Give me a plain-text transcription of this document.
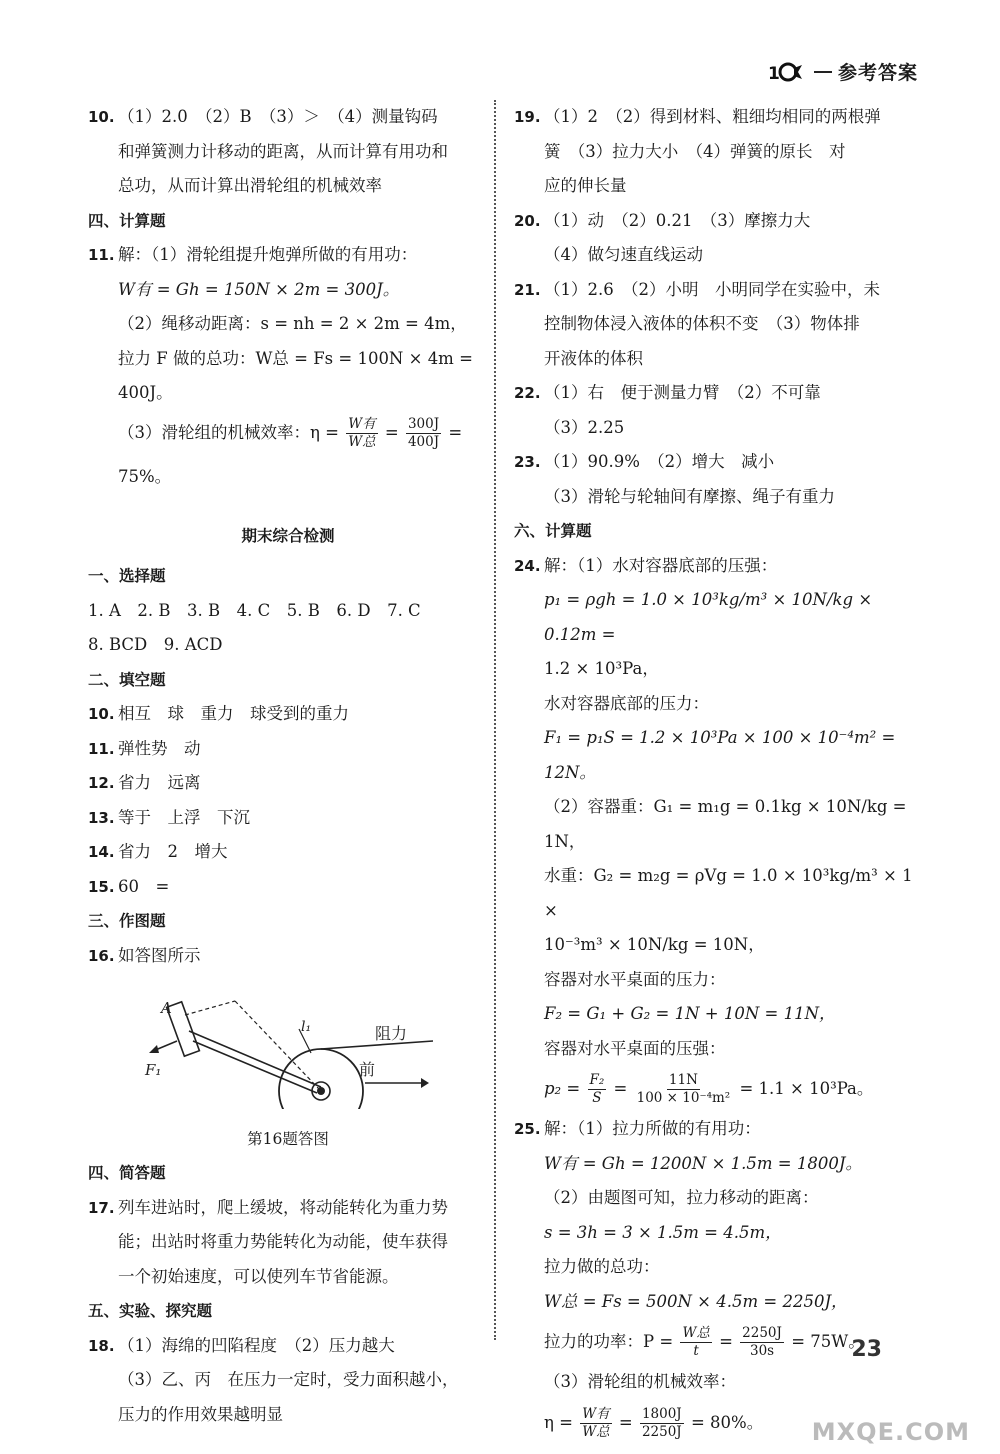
1	参考答案
10. （1）2.0　（2）B　（3）＞　（4）测量钩码
和弹簧测力计移动的距离，从而计算有用功和
总功，从而计算出滑轮组的机械效率
四、计算题
11. 解：（1）滑轮组提升炮弹所做的有用功：
W有 = Gh = 150N × 2m = 300J。
（2）绳移动距离：s = nh = 2 × 2m = 4m，
拉力 F 做的总功：W总 = Fs = 100N × 4m = 400J。
（3）滑轮组的机械效率：$\eta = \frac{\text{W有}}{\text{W总}} = \frac{300J}{400J} = 75\%$。
期末综合检测
一、选择题
1. A　2. B　3. B　4. C　5. B　6. D　7. C
8. BCD　9. ACD
二、填空题
10. 相互　球　重力　球受到的重力
11. 弹性势　动
12. 省力　远离
13. 等于　上浮　下沉
14. 省力　2　增大
15. 60　=
三、作图题
16. 如答图所示
A
F₁
l₁	阻力
前
第16题答图
四、简答题
17. 列车进站时，爬上缓坡，将动能转化为重力势
能；出站时将重力势能转化为动能，使车获得
一个初始速度，可以使列车节省能源。
五、实验、探究题
18. （1）海绵的凹陷程度　（2）压力越大
（3）乙、丙　在压力一定时，受力面积越小，
压力的作用效果越明显
19. （1）2　（2）得到材料、粗细均相同的两根弹
簧　（3）拉力大小　（4）弹簧的原长　对
应的伸长量
20. （1）动　（2）0.21　（3）摩擦力大
（4）做匀速直线运动
21. （1）2.6　（2）小明　小明同学在实验中，未
控制物体浸入液体的体积不变　（3）物体排
开液体的体积
22. （1）右　便于测量力臂　（2）不可靠
（3）2.25
23. （1）90.9%　（2）增大　减小
（3）滑轮与轮轴间有摩擦、绳子有重力
六、计算题
24. 解：（1）水对容器底部的压强：
p₁ = ρgh = 1.0 × 10³kg/m³ × 10N/kg × 0.12m =
1.2 × 10³Pa，
水对容器底部的压力：
F₁ = p₁S = 1.2 × 10³Pa × 100 × 10⁻⁴m² = 12N。
（2）容器重：G₁ = m₁g = 0.1kg × 10N/kg = 1N，
水重：G₂ = m₂g = ρVg = 1.0 × 10³kg/m³ × 1 ×
10⁻³m³ × 10N/kg = 10N，
容器对水平桌面的压力：
F₂ = G₁ + G₂ = 1N + 10N = 11N，
容器对水平桌面的压强：
$p_2 = \frac{\text{F₂}}{S} = \frac{11N}{\text{100 × 10⁻⁴m²}} = 1.1 \times 10^3Pa$。
25. 解：（1）拉力所做的有用功：
W有 = Gh = 1200N × 1.5m = 1800J。
（2）由题图可知，拉力移动的距离：
s = 3h = 3 × 1.5m = 4.5m，
拉力做的总功：
W总 = Fs = 500N × 4.5m = 2250J，
拉力的功率：$P = \frac{\text{W总}}{t} = \frac{2250J}{30s} = 75W$。
（3）滑轮组的机械效率：
$\eta = \frac{\text{W有}}{\text{W总}} = \frac{1800J}{2250J} = 80\%$。
23
MXQE.COM
